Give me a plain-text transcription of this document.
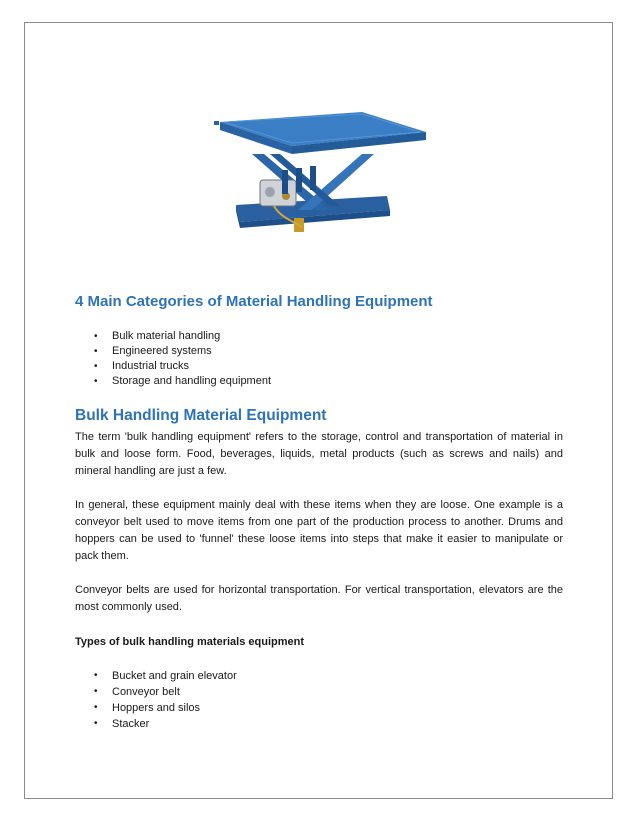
4 Main Categories of Material Handling Equipment
• Bulk material handling
• Engineered systems
• Industrial trucks
• Storage and handling equipment
Bulk Handling Material Equipment

The term 'bulk handling equipment' refers to the storage, control and transportation of material in bulk and loose form. Food, beverages, liquids, metal products (such as screws and nails) and mineral handling are just a few.

In general, these equipment mainly deal with these items when they are loose. One example is a conveyor belt used to move items from one part of the production process to another. Drums and hoppers can be used to 'funnel' these loose items into steps that make it easier to manipulate or pack them.

Conveyor belts are used for horizontal transportation. For vertical transportation, elevators are the most commonly used.

Types of bulk handling materials equipment

• Bucket and grain elevator
• Conveyor belt
• Hoppers and silos
• Stacker
